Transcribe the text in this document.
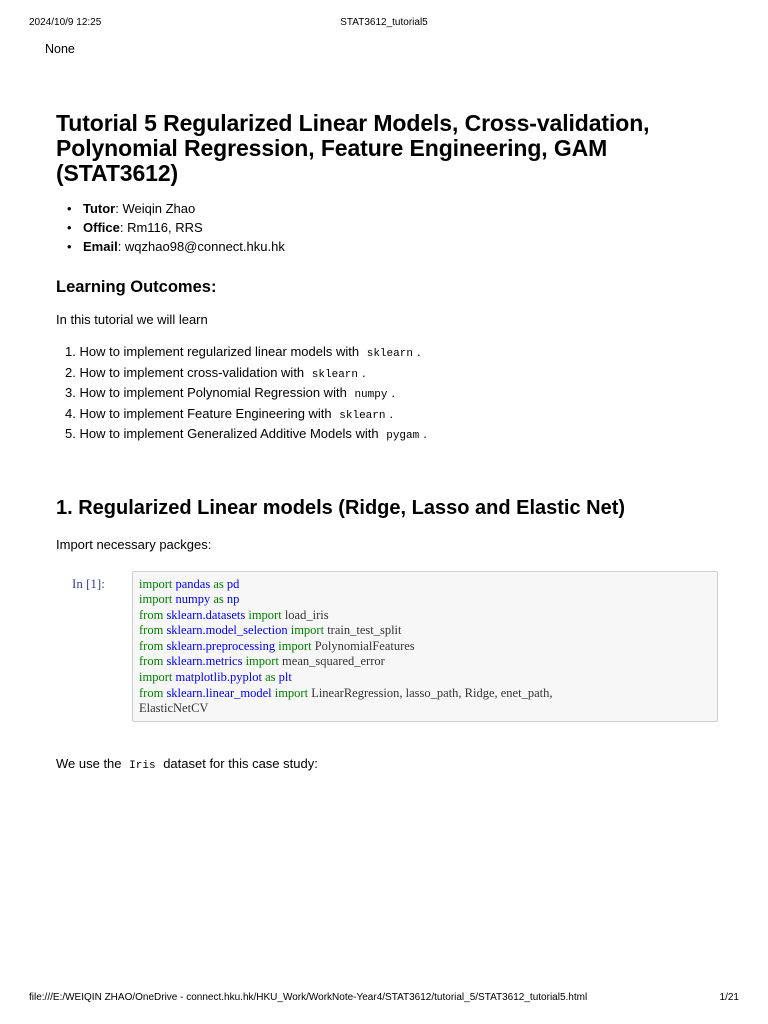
2024/10/9 12:25	STAT3612_tutorial5
None
Tutorial 5 Regularized Linear Models, Cross-validation, Polynomial Regression, Feature Engineering, GAM (STAT3612)
• Tutor: Weiqin Zhao
• Office: Rm116, RRS
• Email: wqzhao98@connect.hku.hk
Learning Outcomes:

In this tutorial we will learn

1. How to implement regularized linear models with sklearn .
2. How to implement cross-validation with sklearn .
3. How to implement Polynomial Regression with numpy .
4. How to implement Feature Engineering with sklearn .
5. How to implement Generalized Additive Models with pygam .
1. Regularized Linear models (Ridge, Lasso and Elastic Net)

Import necessary packges:

In [1]:	import pandas as pd
import numpy as np
from sklearn.datasets import load_iris
from sklearn.model_selection import train_test_split
from sklearn.preprocessing import PolynomialFeatures
from sklearn.metrics import mean_squared_error
import matplotlib.pyplot as plt
from sklearn.linear_model import LinearRegression, lasso_path, Ridge, enet_path,
ElasticNetCV

We use the Iris dataset for this case study:

file:///E:/WEIQIN ZHAO/OneDrive - connect.hku.hk/HKU_Work/WorkNote-Year4/STAT3612/tutorial_5/STAT3612_tutorial5.html	1/21
